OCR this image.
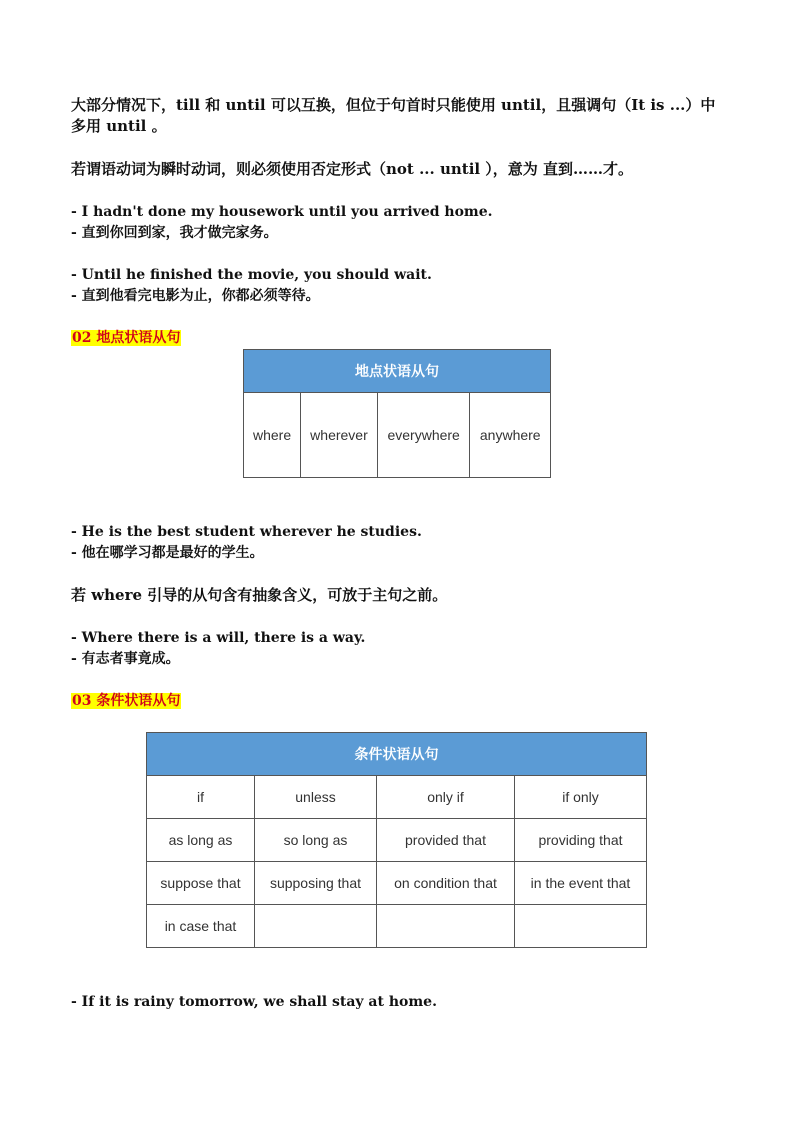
大部分情况下，till 和 until 可以互换，但位于句首时只能使用 until，且强调句（It is ...）中多用 until 。
若谓语动词为瞬时动词，则必须使用否定形式（not ... until ），意为 直到……才。
- I hadn't done my housework until you arrived home.
- 直到你回到家，我才做完家务。
- Until he finished the movie, you should wait.
- 直到他看完电影为止，你都必须等待。
02 地点状语从句
地点状语从句
where	wherever	everywhere	anywhere
- He is the best student wherever he studies.
- 他在哪学习都是最好的学生。
若 where 引导的从句含有抽象含义，可放于主句之前。
- Where there is a will, there is a way.
- 有志者事竟成。
03 条件状语从句
条件状语从句			
if	unless	only if	if only
as long as	so long as	provided that	providing that
suppose that	supposing that	on condition that	in the event that
in case that			
- If it is rainy tomorrow, we shall stay at home.
